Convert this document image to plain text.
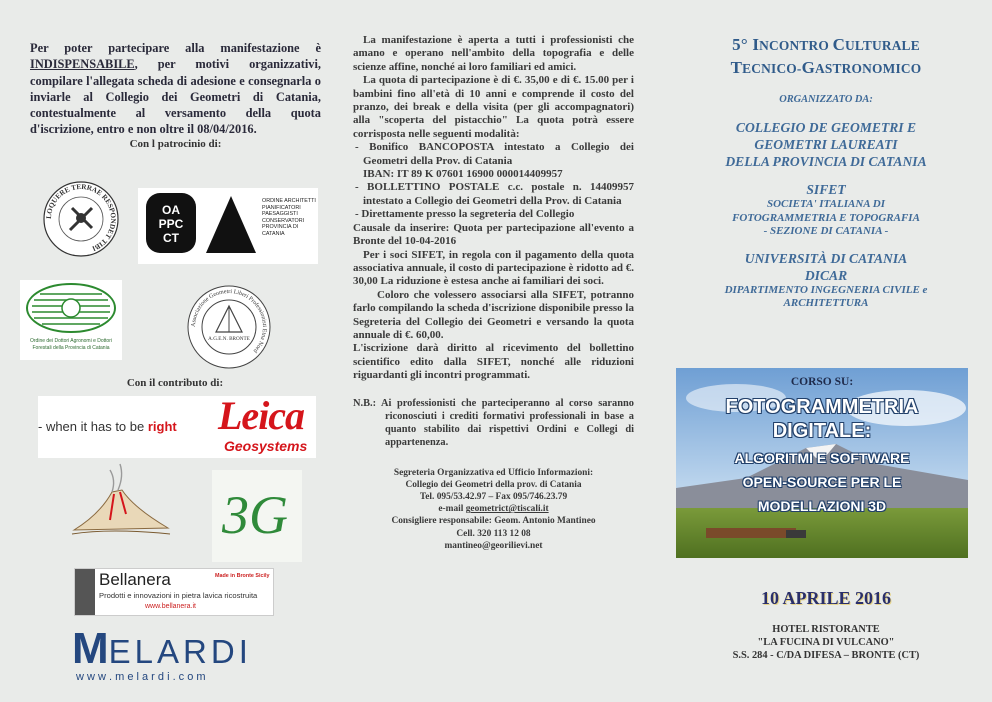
Per poter partecipare alla manifestazione è INDISPENSABILE, per motivi organizzativi, compilare l'allegata scheda di adesione e consegnarla o inviarle al Collegio dei Geometri di Catania, contestualmente al versamento della quota d'iscrizione, entro e non oltre il 08/04/2016.
Con l patrocinio di:
LOQUERE TERRAE RESPONDET TIBI
OA
PPC
CT
ORDINE ARCHITETTI PIANIFICATORI PAESAGGISTI CONSERVATORI PROVINCIA DI CATANIA
Ordine dei Dottori Agronomi e Dottori Forestali della Provincia di Catania
Associazione Geometri Liberi Professionisti Etna Nord
A.G.E.N. BRONTE
Con il contributo di:
- when it has to be right Leica
Geosystems
3G
Bellanera	Made in Bronte Sicily
Prodotti e innovazioni in pietra lavica ricostruita
www.bellanera.it
MELARDI
w w w . m e l a r d i . c o m
La manifestazione è aperta a tutti i professionisti che amano e operano nell'ambito della topografia e delle scienze affine, nonché ai loro familiari ed amici.
La quota di partecipazione è di €. 35,00 e di €. 15.00 per i bambini fino all'età di 10 anni e comprende il costo del pranzo, dei break e della visita (per gli accompagnatori) alla "scoperta del pistacchio" La quota potrà essere corrisposta nelle seguenti modalità:
- Bonifico BANCOPOSTA intestato a Collegio dei Geometri della Prov. di Catania
IBAN: IT 89 K 07601 16900 000014409957
- BOLLETTINO POSTALE c.c. postale n. 14409957 intestato a Collegio dei Geometri della Prov. di Catania
- Direttamente presso la segreteria del Collegio
Causale da inserire: Quota per partecipazione all'evento a Bronte del 10-04-2016
Per i soci SIFET, in regola con il pagamento della quota associativa annuale, il costo di partecipazione è ridotto ad €. 30,00 La riduzione è estesa anche ai familiari dei soci.
Coloro che volessero associarsi alla SIFET, potranno farlo compilando la scheda d'iscrizione disponibile presso la Segreteria del Collegio dei Geometri e versando la quota annuale di €. 60,00.
L'iscrizione darà diritto al ricevimento del bollettino scientifico edito dalla SIFET, nonché alle riduzioni riguardanti gli incontri programmati.
N.B.: Ai professionisti che parteciperanno al corso saranno riconosciuti i crediti formativi professionali in base a quanto stabilito dai rispettivi Ordini e Collegi di appartenenza.
Segreteria Organizzativa ed Ufficio Informazioni:
Collegio dei Geometri della prov. di Catania
Tel. 095/53.42.97 – Fax 095/746.23.79
e-mail geometrict@tiscali.it
Consigliere responsabile: Geom. Antonio Mantineo
Cell. 320 113 12 08
mantineo@georilievi.net
5° INCONTRO CULTURALE
TECNICO-GASTRONOMICO
ORGANIZZATO DA:
COLLEGIO DE GEOMETRI E
GEOMETRI LAUREATI
DELLA PROVINCIA DI CATANIA
SIFET
SOCIETA' ITALIANA DI
FOTOGRAMMETRIA E TOPOGRAFIA
- SEZIONE DI CATANIA -
UNIVERSITÀ DI CATANIA
DICAR
DIPARTIMENTO INGEGNERIA CIVILE e
ARCHITETTURA
CORSO SU:
FOTOGRAMMETRIA
DIGITALE:
ALGORITMI E SOFTWARE
OPEN-SOURCE PER LE
MODELLAZIONI 3D
10 APRILE 2016
HOTEL RISTORANTE
"LA FUCINA DI VULCANO"
S.S. 284 - C/DA DIFESA – BRONTE (CT)
